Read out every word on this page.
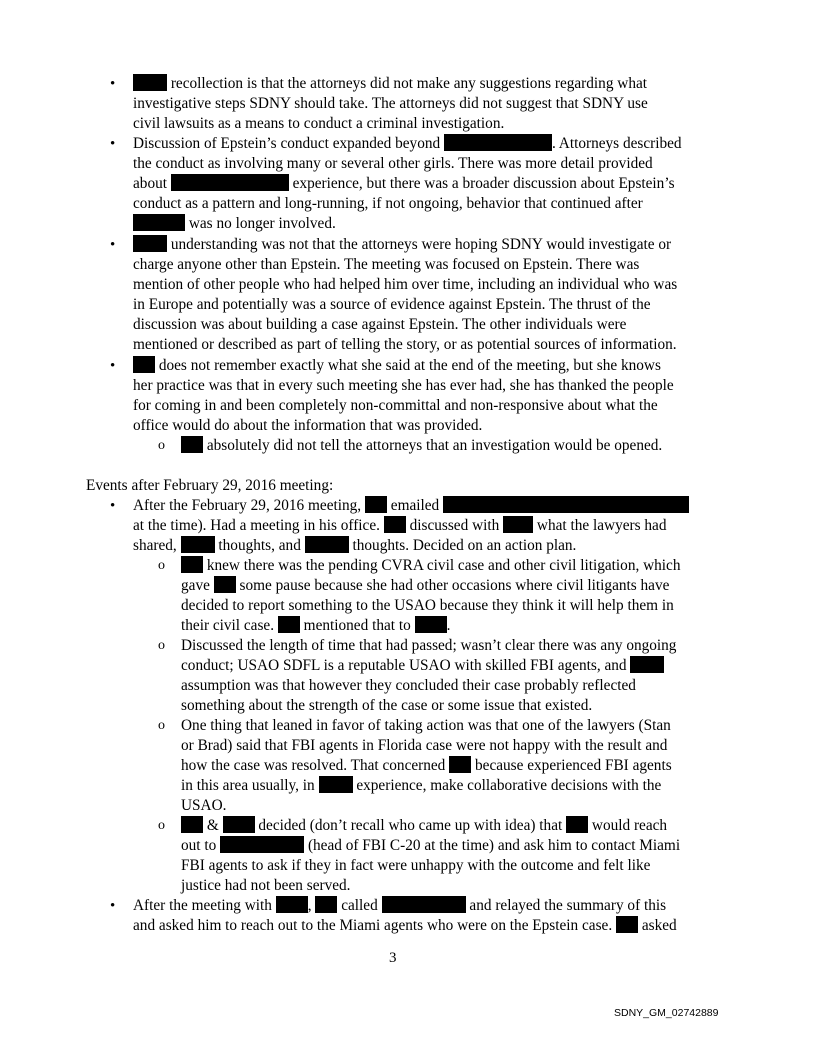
•	recollection is that the attorneys did not make any suggestions regarding what
investigative steps SDNY should take. The attorneys did not suggest that SDNY use
civil lawsuits as a means to conduct a criminal investigation.
• Discussion of Epstein’s conduct expanded beyond	. Attorneys described
the conduct as involving many or several other girls. There was more detail provided
about	experience, but there was a broader discussion about Epstein’s
conduct as a pattern and long-running, if not ongoing, behavior that continued after
was no longer involved.
•	understanding was not that the attorneys were hoping SDNY would investigate or
charge anyone other than Epstein. The meeting was focused on Epstein. There was
mention of other people who had helped him over time, including an individual who was
in Europe and potentially was a source of evidence against Epstein. The thrust of the
discussion was about building a case against Epstein. The other individuals were
mentioned or described as part of telling the story, or as potential sources of information.
•	does not remember exactly what she said at the end of the meeting, but she knows
her practice was that in every such meeting she has ever had, she has thanked the people
for coming in and been completely non-committal and non-responsive about what the
office would do about the information that was provided.
o	absolutely did not tell the attorneys that an investigation would be opened.
Events after February 29, 2016 meeting:
• After the February 29, 2016 meeting, emailed
at the time). Had a meeting in his office. discussed with what the lawyers had
shared,	thoughts, and	thoughts. Decided on an action plan.
o	knew there was the pending CVRA civil case and other civil litigation, which
gave some pause because she had other occasions where civil litigants have
decided to report something to the USAO because they think it will help them in
their civil case. mentioned that to .
o Discussed the length of time that had passed; wasn’t clear there was any ongoing
conduct; USAO SDFL is a reputable USAO with skilled FBI agents, and
assumption was that however they concluded their case probably reflected
something about the strength of the case or some issue that existed.
o One thing that leaned in favor of taking action was that one of the lawyers (Stan
or Brad) said that FBI agents in Florida case were not happy with the result and
how the case was resolved. That concerned because experienced FBI agents
in this area usually, in	experience, make collaborative decisions with the
USAO.
o	&	decided (don’t recall who came up with idea) that would reach
out to	(head of FBI C-20 at the time) and ask him to contact Miami
FBI agents to ask if they in fact were unhappy with the outcome and felt like
justice had not been served.
• After the meeting with , called	and relayed the summary of this
and asked him to reach out to the Miami agents who were on the Epstein case. asked
3
SDNY_GM_02742889
